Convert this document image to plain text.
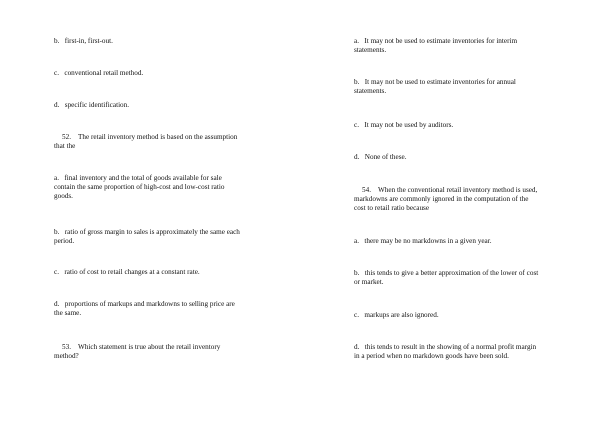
b.   first-in, first-out.

c.   conventional retail method.

d.   specific identification.

52.    The retail inventory method is based on the assumption
that the

a.   final inventory and the total of goods available for sale
contain the same proportion of high-cost and low-cost ratio
goods.

b.   ratio of gross margin to sales is approximately the same each
period.

c.   ratio of cost to retail changes at a constant rate.

d.   proportions of markups and markdowns to selling price are
the same.

53.    Which statement is true about the retail inventory
method?

a.   It may not be used to estimate inventories for interim
statements.

b.   It may not be used to estimate inventories for annual
statements.

c.   It may not be used by auditors.

d.   None of these.

54.    When the conventional retail inventory method is used,
markdowns are commonly ignored in the computation of the
cost to retail ratio because

a.   there may be no markdowns in a given year.

b.   this tends to give a better approximation of the lower of cost
or market.

c.   markups are also ignored.

d.   this tends to result in the showing of a normal profit margin
in a period when no markdown goods have been sold.
